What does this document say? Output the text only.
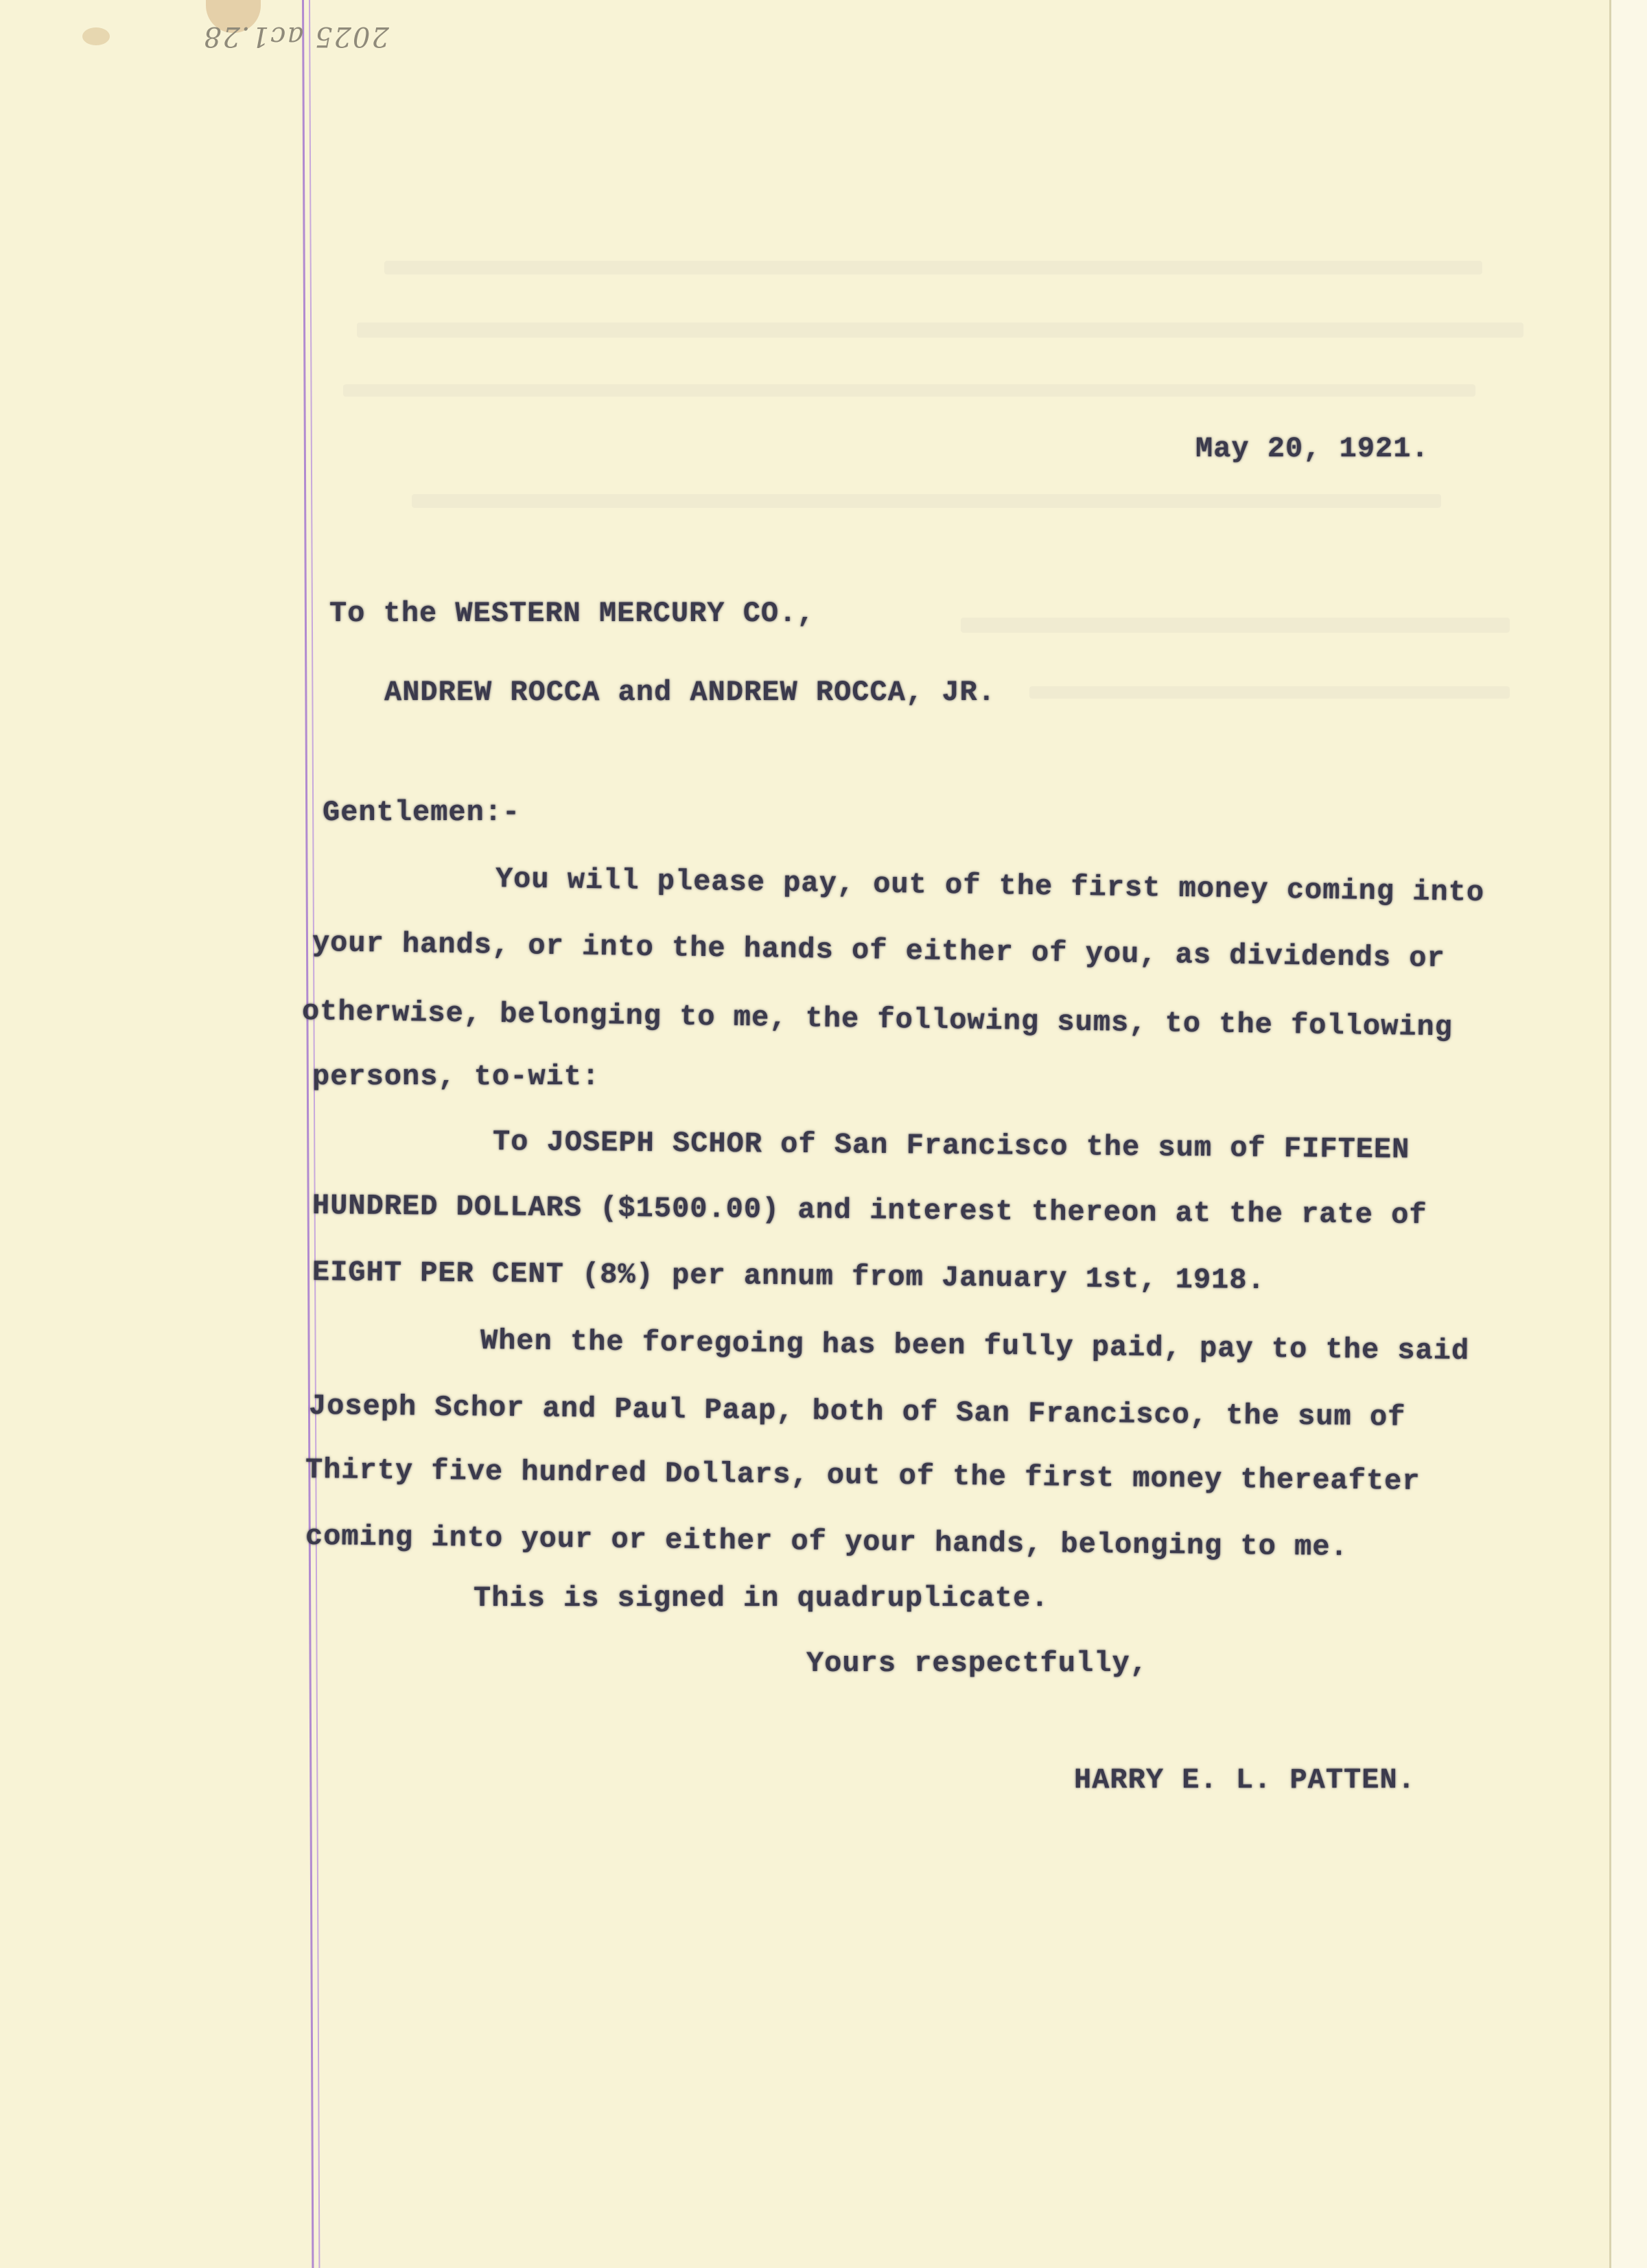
2025 ac1.28
May 20, 1921.
To the WESTERN MERCURY CO.,
ANDREW ROCCA and ANDREW ROCCA, JR.
Gentlemen:-
You will please pay, out of the first money coming into
your hands, or into the hands of either of you, as dividends or
otherwise, belonging to me, the following sums, to the following
persons, to-wit:
To JOSEPH SCHOR of San Francisco the sum of FIFTEEN
HUNDRED DOLLARS ($1500.00) and interest thereon at the rate of
EIGHT PER CENT (8%) per annum from January 1st, 1918.
When the foregoing has been fully paid, pay to the said
Joseph Schor and Paul Paap, both of San Francisco, the sum of
Thirty five hundred Dollars, out of the first money thereafter
coming into your or either of your hands, belonging to me.
This is signed in quadruplicate.
Yours respectfully,
HARRY E. L. PATTEN.
